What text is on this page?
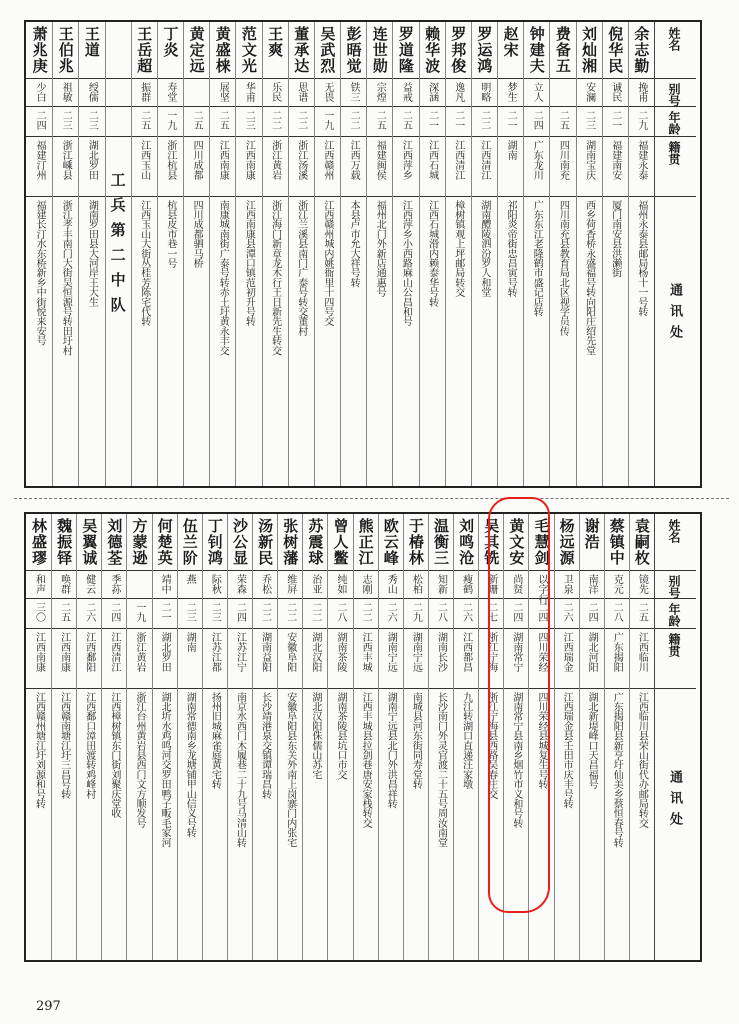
姓名
别号
年龄
籍贯
通讯处
余志勤
挽甫
二九
福建永泰
福州永泰县邮局杨十一号转
倪华民
诚民
二一
福建南安
厦门南安县洪濑街
刘灿湘
安澜
二三
湖南宝庆
西乡荷香桥永盛福号转向阳庄绍先堂
费备五
二五
四川南充
四川南充县教育局北区视学员传
钟建夫
立人
二四
广东龙川
广东东江老隆鹤市盛记店转
赵宋
梦生
二一
湖南
祁阳炎帝街忠昌寅号转
罗运鸿
明略
二二
江西清江
湖南醴陵泗汾罗人和堂
罗邦俊
逸凡
二一
江西清江
樟树镇观上坪邮局转交
赖华波
深涵
二一
江西石城
江西石城滑内赖泰华号转
罗道隆
益戒
二五
江西萍乡
江西萍乡小西路麻山公昌和号
连世勋
宗煌
二五
福建闽侯
福州北门外新店通惠号
彭晤觉
铁三
二二
江西万载
本县卢市允大祥号转
吴武烈
无畏
一九
江西赣州
江西赣州城内姚衙里十四号交
董承达
思谱
二二
浙江汤溪
浙江兰溪县南门广泰号转交董村
王爽
乐民
二二
浙江黄岩
浙江海门新章龙木行王日新先生转交
范文光
华甫
二三
江西南康
江西南康县潭口镇范初升号转
黄盛梾
展坚
二五
江西南康
南康城南街广泰号转赤土圩黄永丰交
黄定远
二五
四川成都
四川成都驷马桥
丁炎
寿堂
一九
浙江杭县
杭县皮市巷一号
王岳超
振群
二五
江西玉山
江西玉山大街丛桂芳陈宅代转
工兵第二中队
王道
绶儒
二三
湖北罗田
湖南罗田县大河岸王大生
王伯兆
祖敏
二三
浙江嵊县
浙江孝丰南门大街吴恒源号转田圩村
萧兆庚
少白
二四
福建汀州
福建长汀水东桥新乡中街悦来安号
姓名
别号
年龄
籍贯
通讯处
袁嗣枚
镜先
二五
江西临川
江西临川县荣山街代办邮局转交
蔡镇中
克元
二八
广东揭阳
广东揭阳县新亨圩仙美乡蔡恒春号转
谢浩
南洋
二四
湖北河阳
湖北新堤峰口天昌福号
杨远源
卫泉
二六
江西瑞金
江西瑞金县壬田市庆丰号转
毛慧剑
以字行
二四
四川荣经
四川荣经县城复生号转
黄文安
尚贤
二四
湖南常宁
湖南常宁县南乡烟竹市义和号转
吴其铣
新珊
二七
浙江宁海
浙江宁海县西路吴春庄交
刘鸣沧
瘦鹤
二六
江西都昌
九江转湖口直递汪家墩
温衡三
知新
二八
湖南长沙
长沙南门外灵官渡二十五号周汝南堂
于椿林
松柏
二九
湖南宁远
南城县河东街同寿堂转
欧云峰
秀山
二六
湖南宁远
湖南宁远县北门外洪昌祥转
熊正江
志刚
二二
江西丰城
江西丰城县拉剑巷唐安家栈转交
曾人鳖
纯如
二八
湖南茶陵
湖南茶陵县坑口市交
苏震球
治亚
二二
湖北汉阳
湖北汉阳侏儒山苏宅
张树藩
维屏
二二
安徽阜阳
安徽阜阳县东关外南上岗寨门内张宅
汤新民
乔松
二二
湖南益阳
长沙靖港泉交镇谭瑞昌转
沙公显
荣森
二四
江苏江宁
南京水西门木履巷二十九号马清山转
丁钊鸿
际秋
二三
江苏江都
扬州旧城麻雀庭黄宅转
伍兰阶
燕
二三
湖南
湖南常德南乡龙塘铺甲山信义号转
何楚英
靖中
二一
湖北罗田
湖北圻水鸡鸣河交罗田鸭子畈毛家河
方蒙逊
一九
浙江黄岩
浙江台州黄岩县西门文方顺发号
刘德荃
季荪
二四
江西清江
江西樟树镇东门街刘聚庆堂收
吴翼诚
健云
二六
江西鄱阳
江西鄱口漳田渡转鸡峰村
魏振铎
唤群
二五
江西南康
江西赣南塘江圩三昌号转
林盛璆
和声
三〇
江西南康
江西赣州塘江圩刘源和号转
297
